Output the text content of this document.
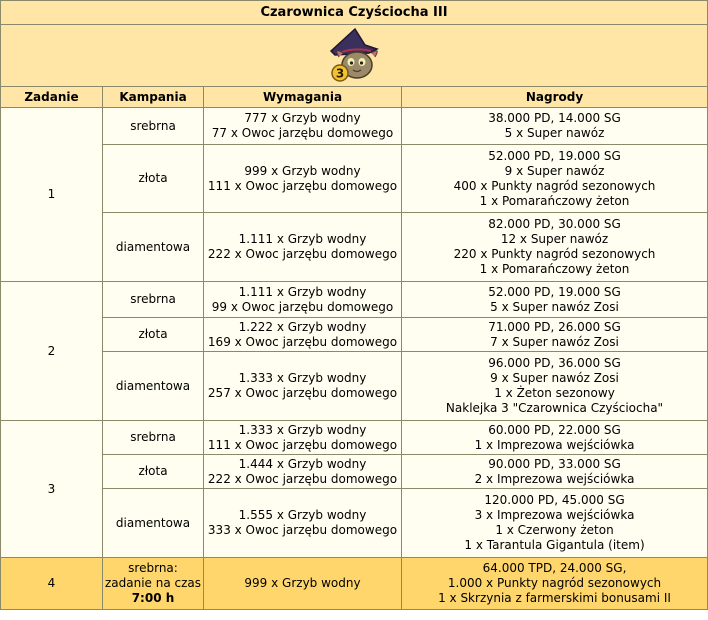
Czarownica Czyściocha III			

3			

Zadanie	Kampania	Wymagania	Nagrody
1	srebrna	777 x Grzyb wodny
77 x Owoc jarzębu domowego	38.000 PD, 14.000 SG
5 x Super nawóz

	złota	999 x Grzyb wodny
111 x Owoc jarzębu domowego	52.000 PD, 19.000 SG
9 x Super nawóz
400 x Punkty nagród sezonowych
1 x Pomarańczowy żeton

	diamentowa	1.111 x Grzyb wodny
222 x Owoc jarzębu domowego	82.000 PD, 30.000 SG
12 x Super nawóz
220 x Punkty nagród sezonowych
1 x Pomarańczowy żeton

2	srebrna	1.111 x Grzyb wodny
99 x Owoc jarzębu domowego	52.000 PD, 19.000 SG
5 x Super nawóz Zosi

	złota	1.222 x Grzyb wodny
169 x Owoc jarzębu domowego	71.000 PD, 26.000 SG
7 x Super nawóz Zosi

	diamentowa	1.333 x Grzyb wodny
257 x Owoc jarzębu domowego	96.000 PD, 36.000 SG
9 x Super nawóz Zosi
1 x Żeton sezonowy
Naklejka 3 "Czarownica Czyściocha"

3	srebrna	1.333 x Grzyb wodny
111 x Owoc jarzębu domowego	60.000 PD, 22.000 SG
1 x Imprezowa wejściówka

	złota	1.444 x Grzyb wodny
222 x Owoc jarzębu domowego	90.000 PD, 33.000 SG
2 x Imprezowa wejściówka

	diamentowa	1.555 x Grzyb wodny
333 x Owoc jarzębu domowego	120.000 PD, 45.000 SG
3 x Imprezowa wejściówka
1 x Czerwony żeton
1 x Tarantula Gigantula (item)

4	srebrna:
zadanie na czas
7:00 h	999 x Grzyb wodny	64.000 TPD, 24.000 SG,
1.000 x Punkty nagród sezonowych
1 x Skrzynia z farmerskimi bonusami II
